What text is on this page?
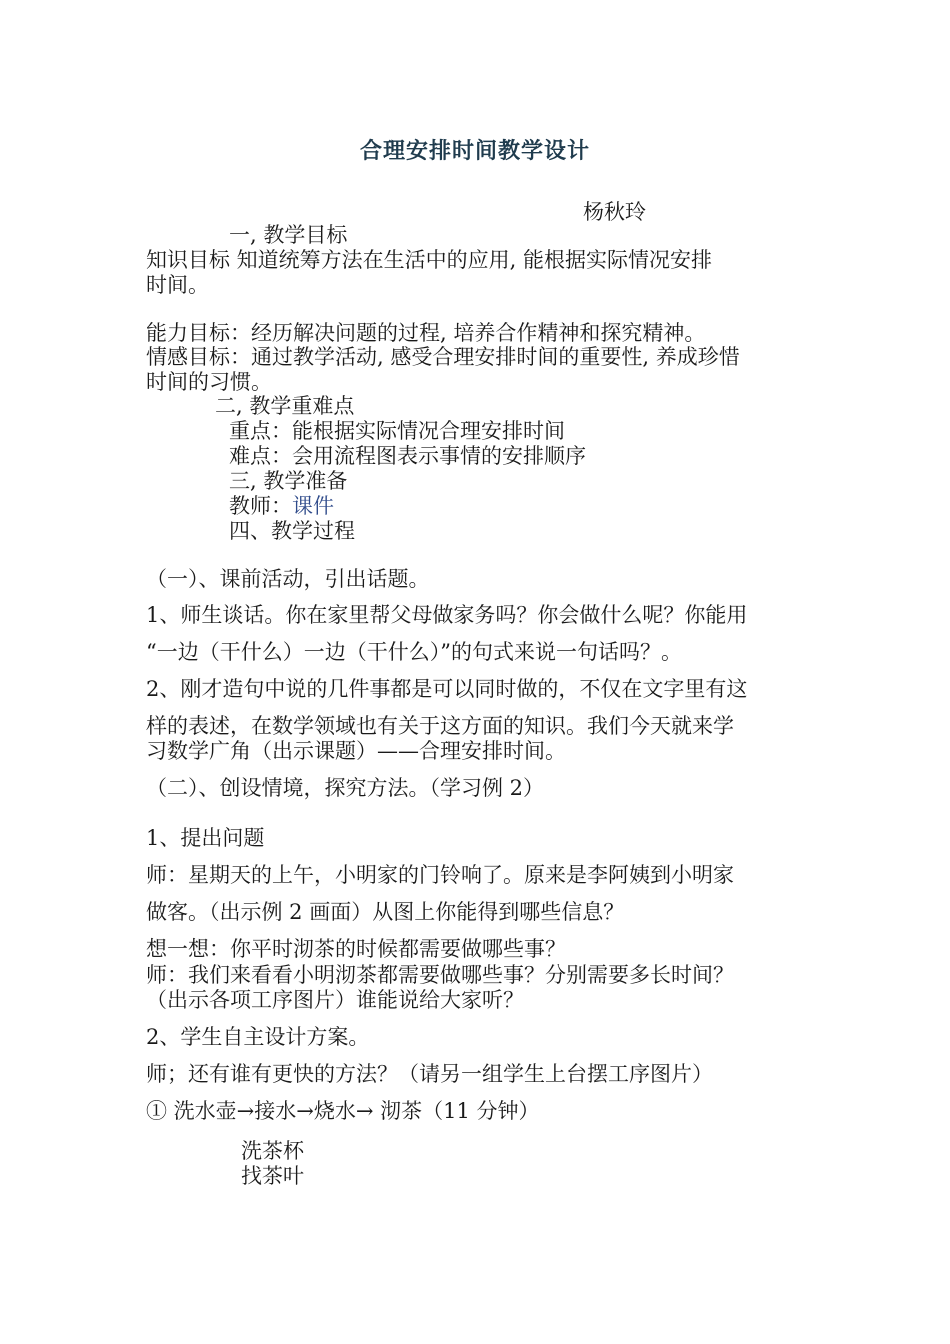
合理安排时间教学设计
杨秋玲
一, 教学目标
知识目标 知道统筹方法在生活中的应用, 能根据实际情况安排
时间。
能力目标：经历解决问题的过程, 培养合作精神和探究精神。
情感目标：通过教学活动, 感受合理安排时间的重要性, 养成珍惜
时间的习惯。
二, 教学重难点
重点：能根据实际情况合理安排时间
难点：会用流程图表示事情的安排顺序
三, 教学准备
教师：课件
四、教学过程
（一）、课前活动，引出话题。
1、师生谈话。你在家里帮父母做家务吗？你会做什么呢？你能用
“一边（干什么）一边（干什么）”的句式来说一句话吗？。
2、刚才造句中说的几件事都是可以同时做的，不仅在文字里有这
样的表述，在数学领域也有关于这方面的知识。我们今天就来学
习数学广角（出示课题）——合理安排时间。
（二）、创设情境，探究方法。（学习例 2）
1、提出问题
师：星期天的上午，小明家的门铃响了。原来是李阿姨到小明家
做客。（出示例 2 画面）从图上你能得到哪些信息？
想一想：你平时沏茶的时候都需要做哪些事？
师：我们来看看小明沏茶都需要做哪些事？分别需要多长时间？
（出示各项工序图片）谁能说给大家听？
2、学生自主设计方案。
师；还有谁有更快的方法？（请另一组学生上台摆工序图片）
① 洗水壶→接水→烧水→ 沏茶（11 分钟）
洗茶杯
找茶叶
